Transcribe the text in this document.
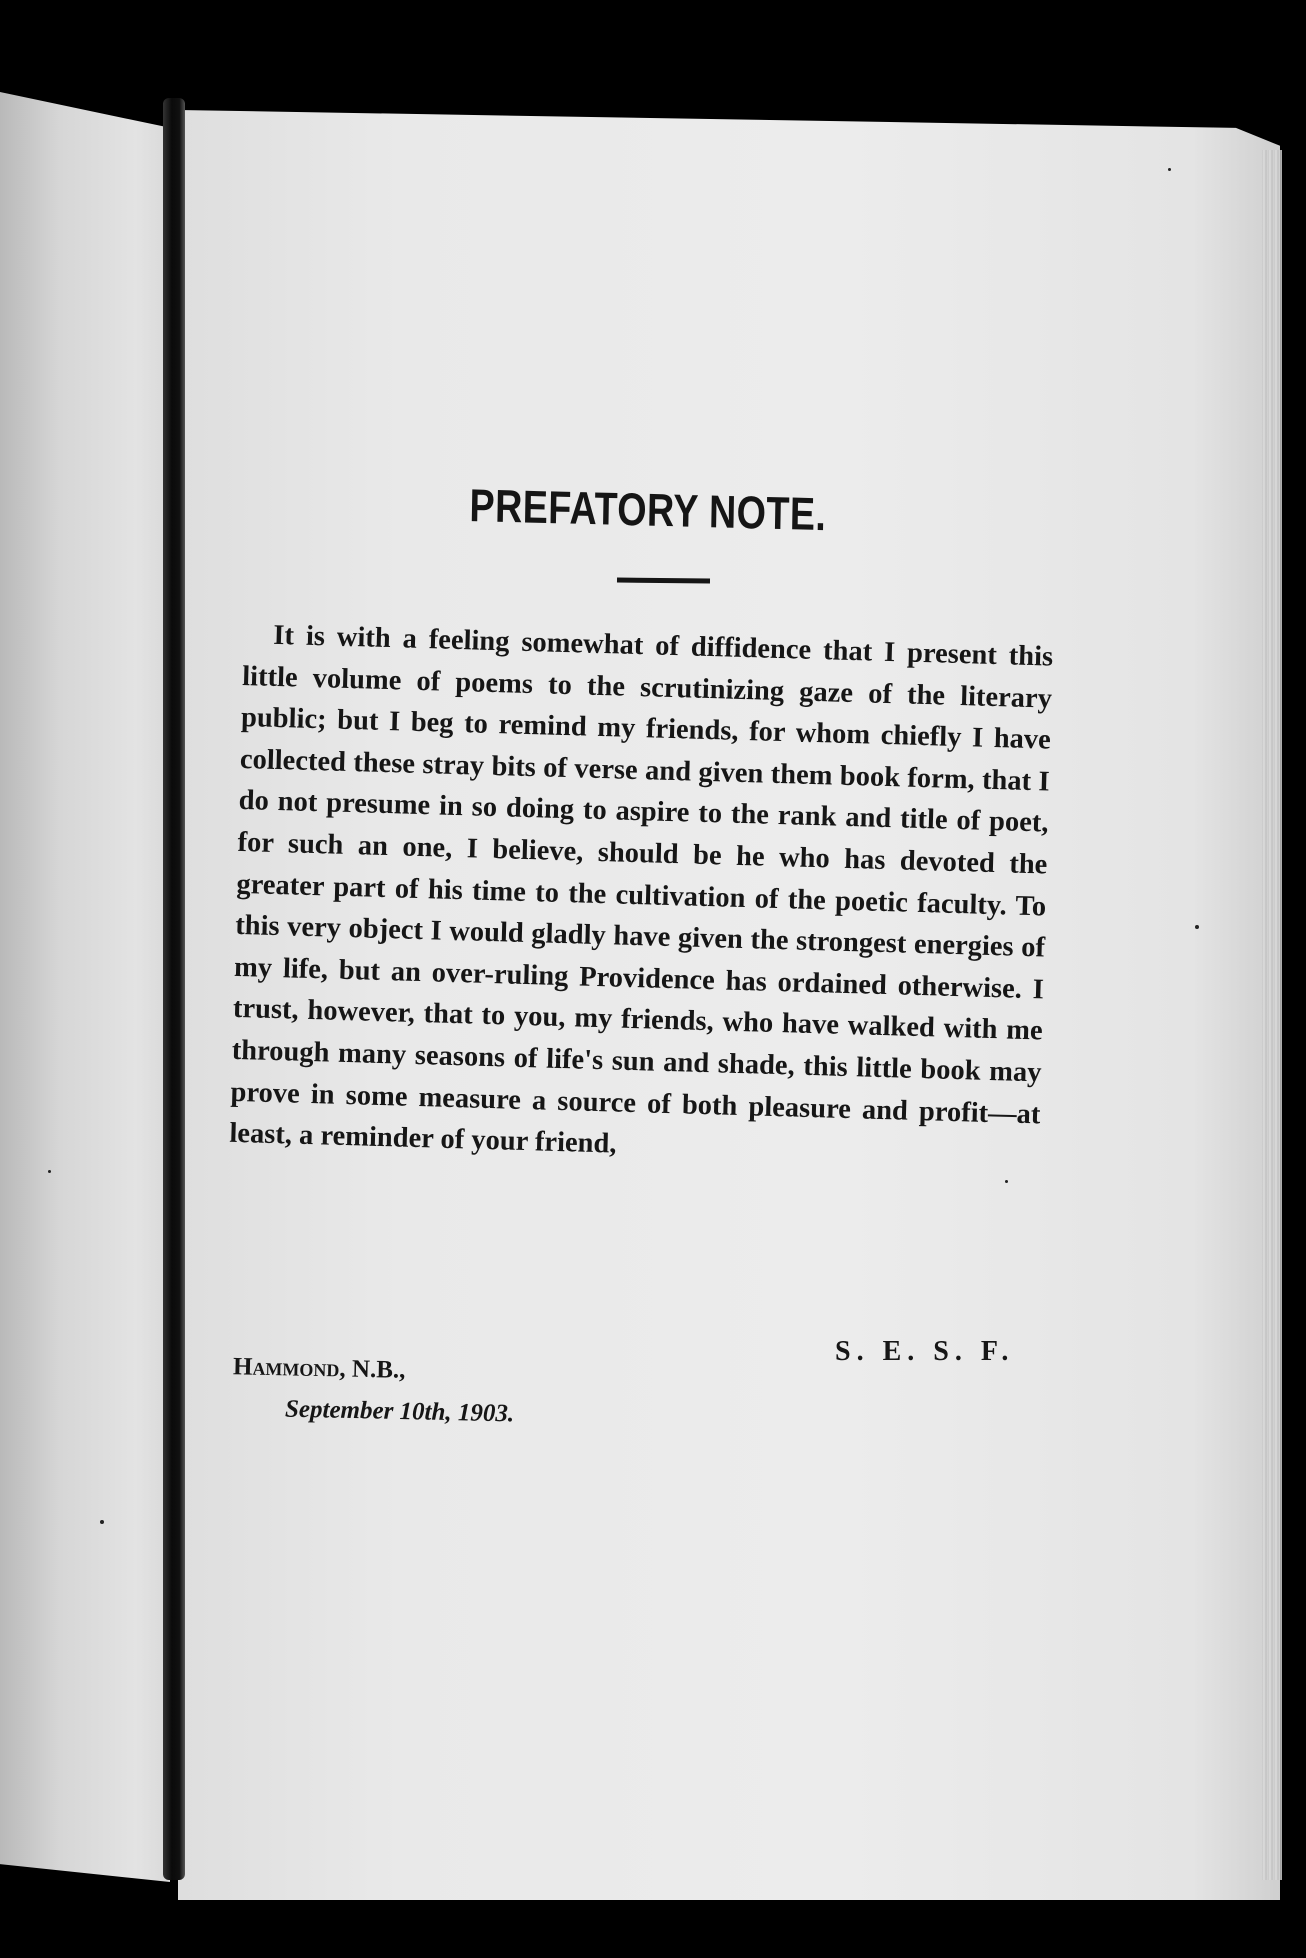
PREFATORY NOTE.

It is with a feeling somewhat of diffidence that I present this little volume of poems to the scrutinizing gaze of the literary public; but I beg to remind my friends, for whom chiefly I have collected these stray bits of verse and given them book form, that I do not presume in so doing to aspire to the rank and title of poet, for such an one, I believe, should be he who has devoted the greater part of his time to the cultivation of the poetic faculty. To this very object I would gladly have given the strongest energies of my life, but an over-ruling Providence has ordained otherwise. I trust, however, that to you, my friends, who have walked with me through many seasons of life's sun and shade, this little book may prove in some measure a source of both pleasure and profit—at least, a reminder of your friend,

S. E. S. F.
Hammond, N.B.,
September 10th, 1903.
